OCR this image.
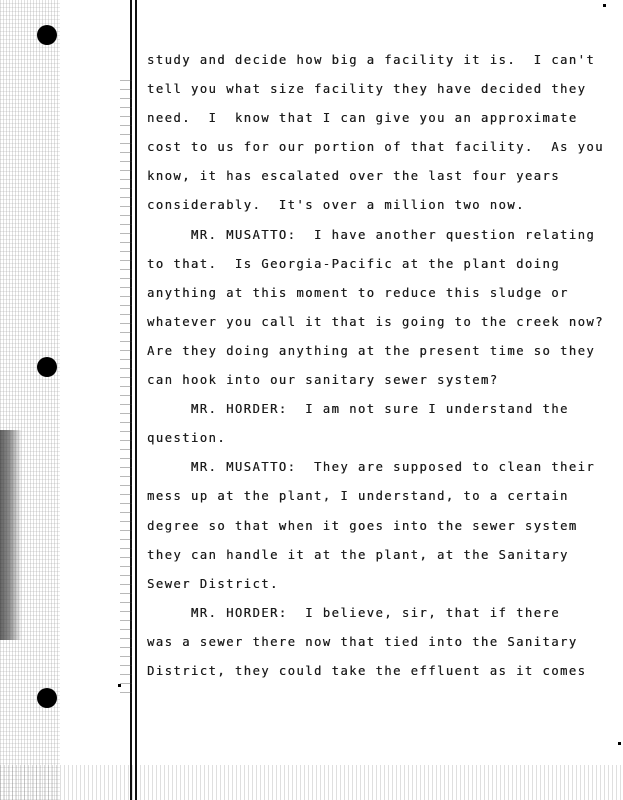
study and decide how big a facility it is.  I can't
tell you what size facility they have decided they
need.  I  know that I can give you an approximate
cost to us for our portion of that facility.  As you
know, it has escalated over the last four years
considerably.  It's over a million two now.
MR. MUSATTO:  I have another question relating
to that.  Is Georgia-Pacific at the plant doing
anything at this moment to reduce this sludge or
whatever you call it that is going to the creek now?
Are they doing anything at the present time so they
can hook into our sanitary sewer system?
MR. HORDER:  I am not sure I understand the
question.
MR. MUSATTO:  They are supposed to clean their
mess up at the plant, I understand, to a certain
degree so that when it goes into the sewer system
they can handle it at the plant, at the Sanitary
Sewer District.
MR. HORDER:  I believe, sir, that if there
was a sewer there now that tied into the Sanitary
District, they could take the effluent as it comes
